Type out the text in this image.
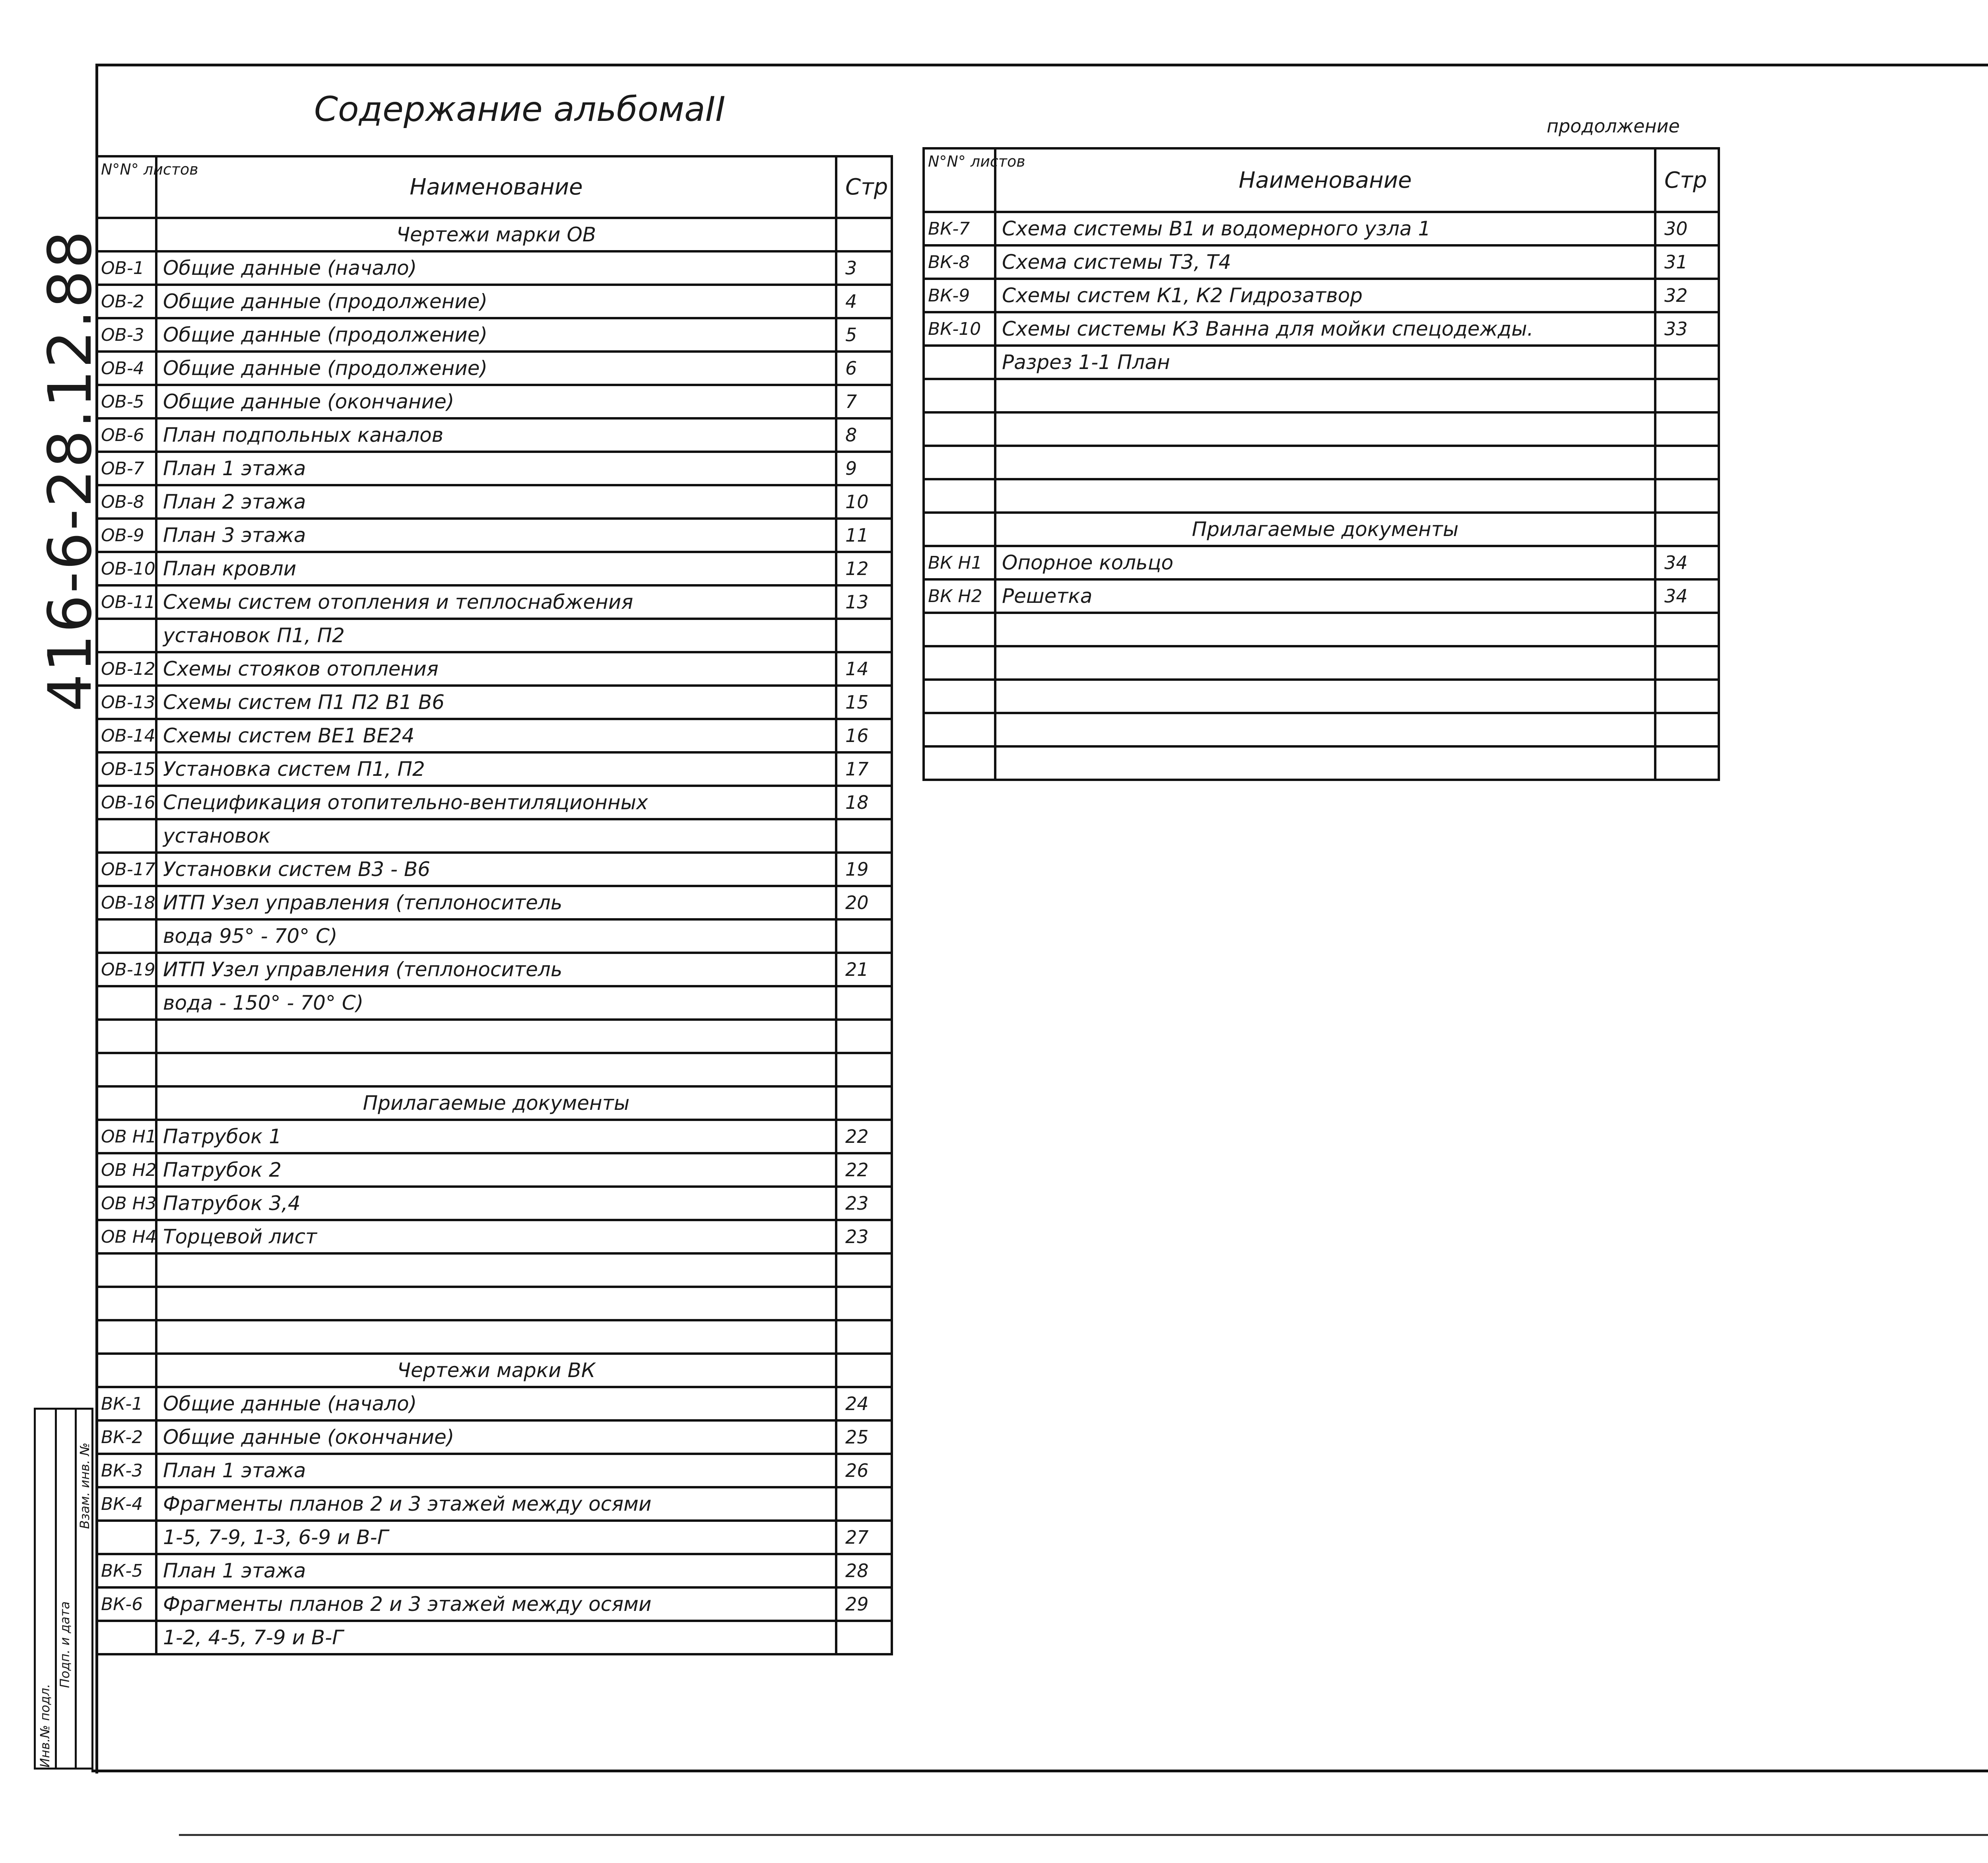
Содержание альбомаII	продолжение
416-6-28.12.88
N°N° листов	Наименование	Стр
	Чертежи марки ОВ	
ОВ-1	Общие данные (начало)	3
ОВ-2	Общие данные (продолжение)	4
ОВ-3	Общие данные (продолжение)	5
ОВ-4	Общие данные (продолжение)	6
ОВ-5	Общие данные (окончание)	7
ОВ-6	План подпольных каналов	8
ОВ-7	План 1 этажа	9
ОВ-8	План 2 этажа	10
ОВ-9	План 3 этажа	11
ОВ-10	План кровли	12
ОВ-11	Схемы систем отопления и теплоснабжения	13
	установок П1, П2	
ОВ-12	Схемы стояков отопления	14
ОВ-13	Схемы систем П1 П2 В1 В6	15
ОВ-14	Схемы систем ВЕ1 ВЕ24	16
ОВ-15	Установка систем П1, П2	17
ОВ-16	Спецификация отопительно-вентиляционных	18
	установок	
ОВ-17	Установки систем В3 - В6	19
ОВ-18	ИТП Узел управления (теплоноситель	20
	вода 95° - 70° С)	
ОВ-19	ИТП Узел управления (теплоноситель	21
	вода - 150° - 70° С)	

	Прилагаемые документы	
ОВ Н1	Патрубок 1	22
ОВ Н2	Патрубок 2	22
ОВ Н3	Патрубок 3,4	23
ОВ Н4	Торцевой лист	23

	Чертежи марки ВК	
ВК-1	Общие данные (начало)	24
ВК-2	Общие данные (окончание)	25
ВК-3	План 1 этажа	26
ВК-4	Фрагменты планов 2 и 3 этажей между осями	
	1-5, 7-9, 1-3, 6-9 и В-Г	27
ВК-5	План 1 этажа	28
ВК-6	Фрагменты планов 2 и 3 этажей между осями	29
	1-2, 4-5, 7-9 и В-Г	
N°N° листов	Наименование	Стр
ВК-7	Схема системы В1 и водомерного узла 1	30
ВК-8	Схема системы Т3, Т4	31
ВК-9	Схемы систем К1, К2 Гидрозатвор	32
ВК-10	Схемы системы К3 Ванна для мойки спецодежды.	33
	Разрез 1-1 План	

	Прилагаемые документы	
ВК Н1	Опорное кольцо	34
ВК Н2	Решетка	34

Инв.№ подл.
Подп. и дата
Взам. инв. №
